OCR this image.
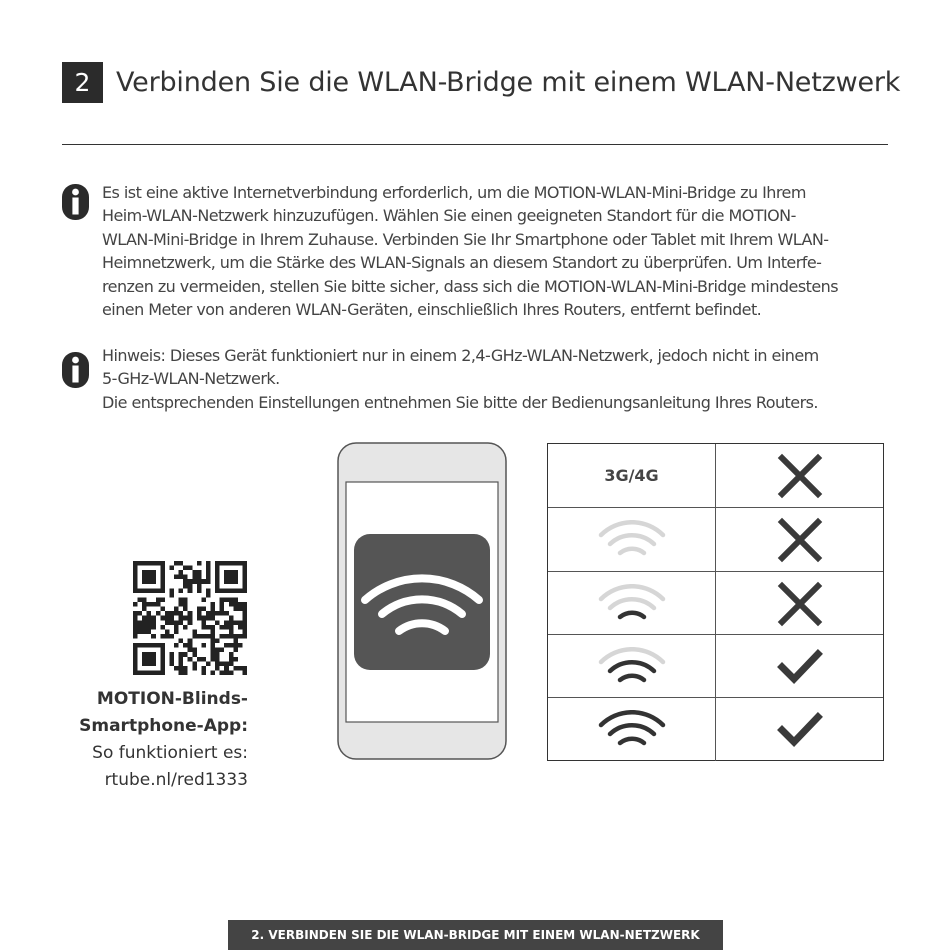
2 Verbinden Sie die WLAN-Bridge mit einem WLAN-Netzwerk

Es ist eine aktive Internetverbindung erforderlich, um die MOTION-WLAN-Mini-Bridge zu Ihrem

Heim-WLAN-Netzwerk hinzuzufügen. Wählen Sie einen geeigneten Standort für die MOTION-

WLAN-Mini-Bridge in Ihrem Zuhause. Verbinden Sie Ihr Smartphone oder Tablet mit Ihrem WLAN-

Heimnetzwerk, um die Stärke des WLAN-Signals an diesem Standort zu überprüfen. Um Interfe-

renzen zu vermeiden, stellen Sie bitte sicher, dass sich die MOTION-WLAN-Mini-Bridge mindestens

einen Meter von anderen WLAN-Geräten, einschließlich Ihres Routers, entfernt befindet.

Hinweis: Dieses Gerät funktioniert nur in einem 2,4-GHz-WLAN-Netzwerk, jedoch nicht in einem

5-GHz-WLAN-Netzwerk.

Die entsprechenden Einstellungen entnehmen Sie bitte der Bedienungsanleitung Ihres Routers.

MOTION-Blinds-
Smartphone-App:
So funktioniert es:
rtube.nl/red1333
3G/4G
2. VERBINDEN SIE DIE WLAN-BRIDGE MIT EINEM WLAN-NETZWERK
